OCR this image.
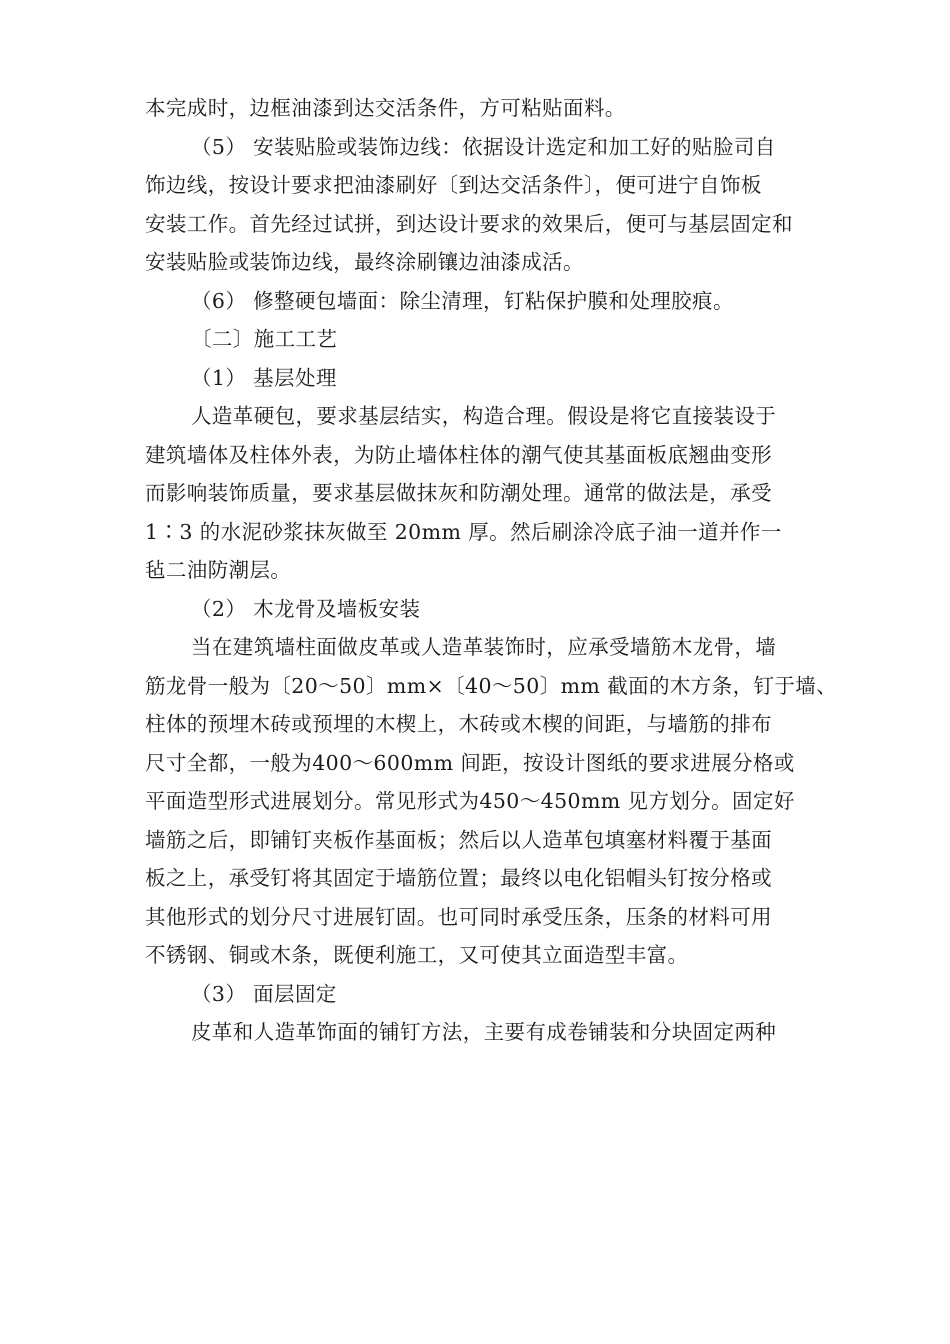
本完成时，边框油漆到达交活条件，方可粘贴面料。
（5） 安装贴脸或装饰边线：依据设计选定和加工好的贴脸司自
饰边线，按设计要求把油漆刷好〔到达交活条件〕，便可进宁自饰板
安装工作。首先经过试拼，到达设计要求的效果后，便可与基层固定和
安装贴脸或装饰边线，最终涂刷镶边油漆成活。
（6） 修整硬包墙面：除尘清理，钉粘保护膜和处理胶痕。
〔二〕施工工艺
（1） 基层处理
人造革硬包，要求基层结实，构造合理。假设是将它直接装设于
建筑墙体及柱体外表，为防止墙体柱体的潮气使其基面板底翘曲变形
而影响装饰质量，要求基层做抹灰和防潮处理。通常的做法是，承受
1∶3 的水泥砂浆抹灰做至 20mm 厚。然后刷涂冷底子油一道并作一
毡二油防潮层。
（2） 木龙骨及墙板安装
当在建筑墙柱面做皮革或人造革装饰时，应承受墙筋木龙骨，墙
筋龙骨一般为〔20～50〕mm×〔40～50〕mm 截面的木方条，钉于墙、
柱体的预埋木砖或预埋的木楔上，木砖或木楔的间距，与墙筋的排布
尺寸全都，一般为400～600mm 间距，按设计图纸的要求进展分格或
平面造型形式进展划分。常见形式为450～450mm 见方划分。固定好
墙筋之后，即铺钉夹板作基面板；然后以人造革包填塞材料覆于基面
板之上，承受钉将其固定于墙筋位置；最终以电化铝帽头钉按分格或
其他形式的划分尺寸进展钉固。也可同时承受压条，压条的材料可用
不锈钢、铜或木条，既便利施工，又可使其立面造型丰富。
（3） 面层固定
皮革和人造革饰面的铺钉方法，主要有成卷铺装和分块固定两种
